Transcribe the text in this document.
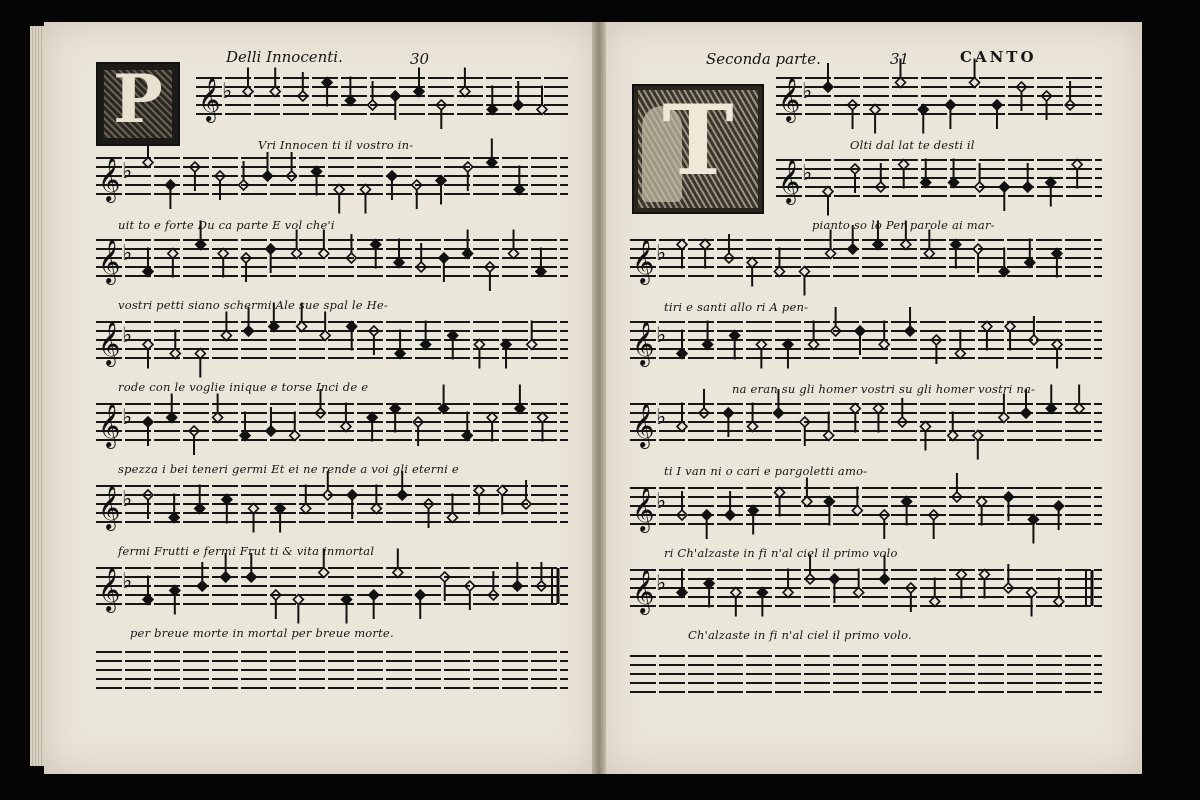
𝄞 ♭
𝄞 ♭
𝄞 ♭
𝄞 ♭
𝄞 ♭
𝄞 ♭
𝄞 ♭
𝄞 ♭
𝄞 ♭
𝄞 ♭
𝄞 ♭
𝄞 ♭
𝄞 ♭
𝄞 ♭
Delli Innocenti.	30
P
Vri Innocen ti il vostro in-
uit to e forte Du ca parte E vol che'i
vostri petti siano schermi Ale sue spal le He-
rode con le voglie inique e torse Inci de e
spezza i bei teneri germi Et ei ne rende a voi gli eterni e
fermi Frutti e fermi Frut ti & vita inmortal
per breue morte in mortal per breue morte.
Seconda parte.	31	CANTO
T	Olti dal lat te desti il
pianto so lo Per parole ai mar-
tiri e santi allo ri A pen-
na eran su gli homer vostri su gli homer vostri na-
ti I van ni o cari e pargoletti amo-
ri Ch'alzaste in fi n'al ciel il primo volo
Ch'alzaste in fi n'al ciel il primo volo.
